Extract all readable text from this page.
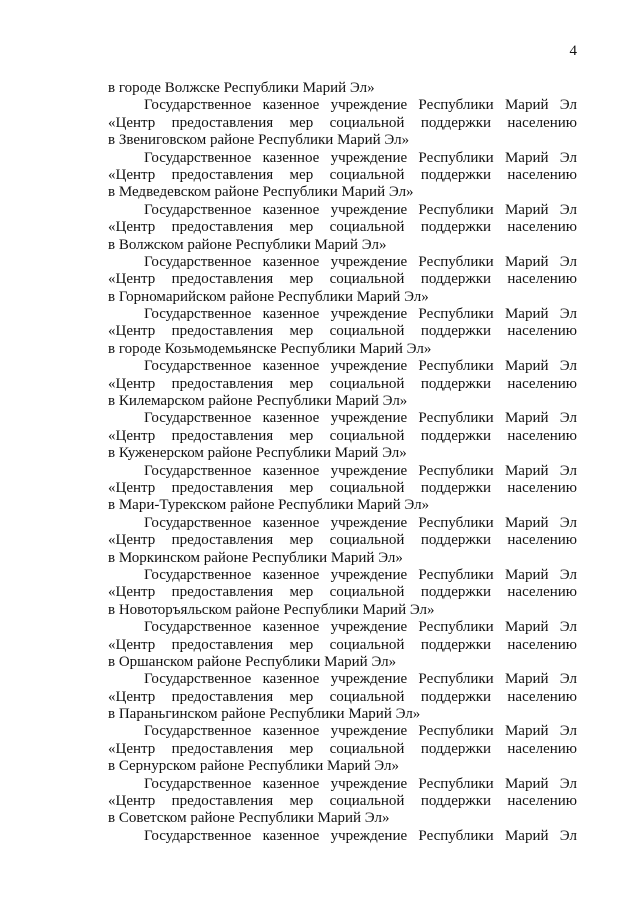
4
в городе Волжске Республики Марий Эл»
Государственное казенное учреждение Республики Марий Эл
«Центр предоставления мер социальной поддержки населению
в Звениговском районе Республики Марий Эл»
Государственное казенное учреждение Республики Марий Эл
«Центр предоставления мер социальной поддержки населению
в Медведевском районе Республики Марий Эл»
Государственное казенное учреждение Республики Марий Эл
«Центр предоставления мер социальной поддержки населению
в Волжском районе Республики Марий Эл»
Государственное казенное учреждение Республики Марий Эл
«Центр предоставления мер социальной поддержки населению
в Горномарийском районе Республики Марий Эл»
Государственное казенное учреждение Республики Марий Эл
«Центр предоставления мер социальной поддержки населению
в городе Козьмодемьянске Республики Марий Эл»
Государственное казенное учреждение Республики Марий Эл
«Центр предоставления мер социальной поддержки населению
в Килемарском районе Республики Марий Эл»
Государственное казенное учреждение Республики Марий Эл
«Центр предоставления мер социальной поддержки населению
в Куженерском районе Республики Марий Эл»
Государственное казенное учреждение Республики Марий Эл
«Центр предоставления мер социальной поддержки населению
в Мари-Турекском районе Республики Марий Эл»
Государственное казенное учреждение Республики Марий Эл
«Центр предоставления мер социальной поддержки населению
в Моркинском районе Республики Марий Эл»
Государственное казенное учреждение Республики Марий Эл
«Центр предоставления мер социальной поддержки населению
в Новоторъяльском районе Республики Марий Эл»
Государственное казенное учреждение Республики Марий Эл
«Центр предоставления мер социальной поддержки населению
в Оршанском районе Республики Марий Эл»
Государственное казенное учреждение Республики Марий Эл
«Центр предоставления мер социальной поддержки населению
в Параньгинском районе Республики Марий Эл»
Государственное казенное учреждение Республики Марий Эл
«Центр предоставления мер социальной поддержки населению
в Сернурском районе Республики Марий Эл»
Государственное казенное учреждение Республики Марий Эл
«Центр предоставления мер социальной поддержки населению
в Советском районе Республики Марий Эл»
Государственное казенное учреждение Республики Марий Эл
